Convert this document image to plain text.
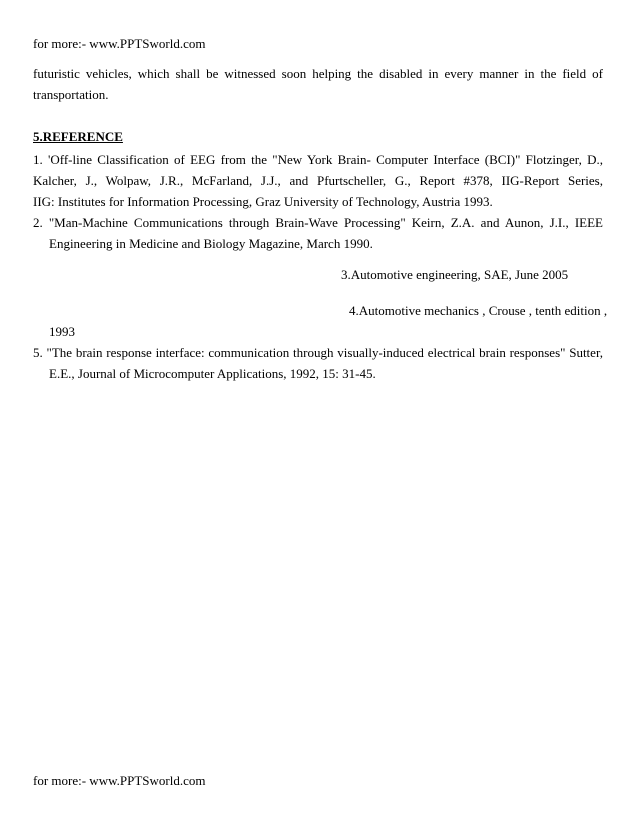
for more:- www.PPTSworld.com
futuristic vehicles, which shall be witnessed soon helping the disabled in every manner in the field of
transportation.
5.REFERENCE
1. 'Off-line Classification of EEG from the "New York Brain- Computer Interface (BCI)" Flotzinger, D.,
Kalcher, J., Wolpaw, J.R., McFarland, J.J., and Pfurtscheller, G., Report #378, IIG-Report Series,
IIG: Institutes for Information Processing, Graz University of Technology, Austria 1993.
2. "Man-Machine Communications through Brain-Wave Processing" Keirn, Z.A. and Aunon, J.I., IEEE
Engineering in Medicine and Biology Magazine, March 1990.
3.Automotive engineering, SAE, June 2005
4.Automotive mechanics , Crouse , tenth edition ,
1993
5. "The brain response interface: communication through visually-induced electrical brain responses" Sutter,
E.E., Journal of Microcomputer Applications, 1992, 15: 31-45.
for more:- www.PPTSworld.com
